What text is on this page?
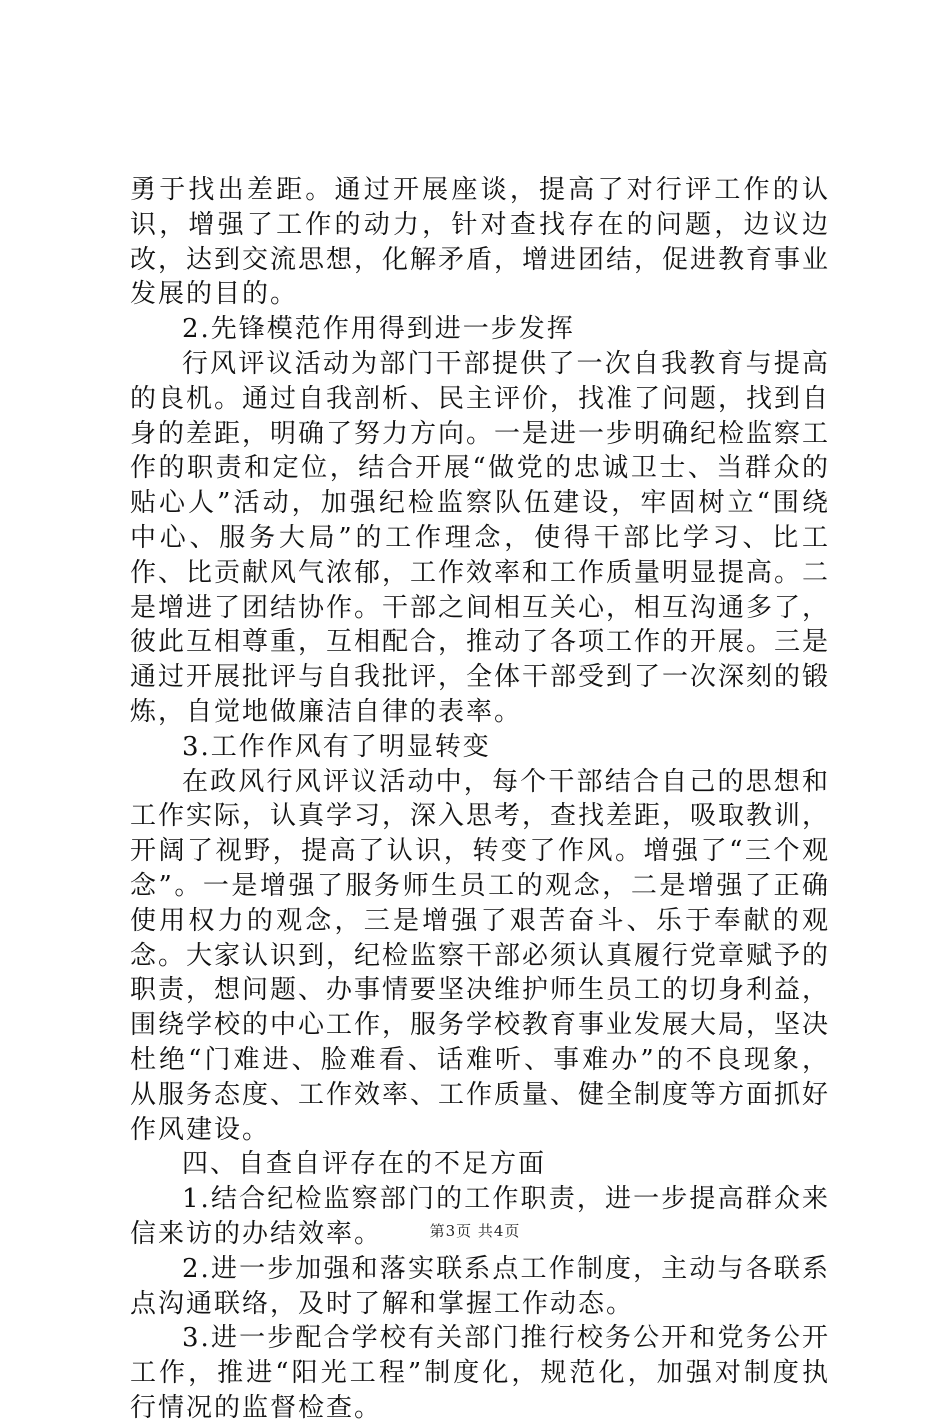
勇于找出差距。通过开展座谈，提高了对行评工作的认识，增强了工作的动力，针对查找存在的问题，边议边改，达到交流思想，化解矛盾，增进团结，促进教育事业发展的目的。

2.先锋模范作用得到进一步发挥

行风评议活动为部门干部提供了一次自我教育与提高的良机。通过自我剖析、民主评价，找准了问题，找到自身的差距，明确了努力方向。一是进一步明确纪检监察工作的职责和定位，结合开展“做党的忠诚卫士、当群众的贴心人”活动，加强纪检监察队伍建设，牢固树立“围绕中心、服务大局”的工作理念，使得干部比学习、比工作、比贡献风气浓郁，工作效率和工作质量明显提高。二是增进了团结协作。干部之间相互关心，相互沟通多了，彼此互相尊重，互相配合，推动了各项工作的开展。三是通过开展批评与自我批评，全体干部受到了一次深刻的锻炼，自觉地做廉洁自律的表率。

3.工作作风有了明显转变

在政风行风评议活动中，每个干部结合自己的思想和工作实际，认真学习，深入思考，查找差距，吸取教训，开阔了视野，提高了认识，转变了作风。增强了“三个观念”。一是增强了服务师生员工的观念，二是增强了正确使用权力的观念，三是增强了艰苦奋斗、乐于奉献的观念。大家认识到，纪检监察干部必须认真履行党章赋予的职责，想问题、办事情要坚决维护师生员工的切身利益，围绕学校的中心工作，服务学校教育事业发展大局，坚决杜绝“门难进、脸难看、话难听、事难办”的不良现象，从服务态度、工作效率、工作质量、健全制度等方面抓好作风建设。

四、自查自评存在的不足方面

1.结合纪检监察部门的工作职责，进一步提高群众来信来访的办结效率。

2.进一步加强和落实联系点工作制度，主动与各联系点沟通联络，及时了解和掌握工作动态。

3.进一步配合学校有关部门推行校务公开和党务公开工作，推进“阳光工程”制度化，规范化，加强对制度执行情况的监督检查。

第3页 共4页
